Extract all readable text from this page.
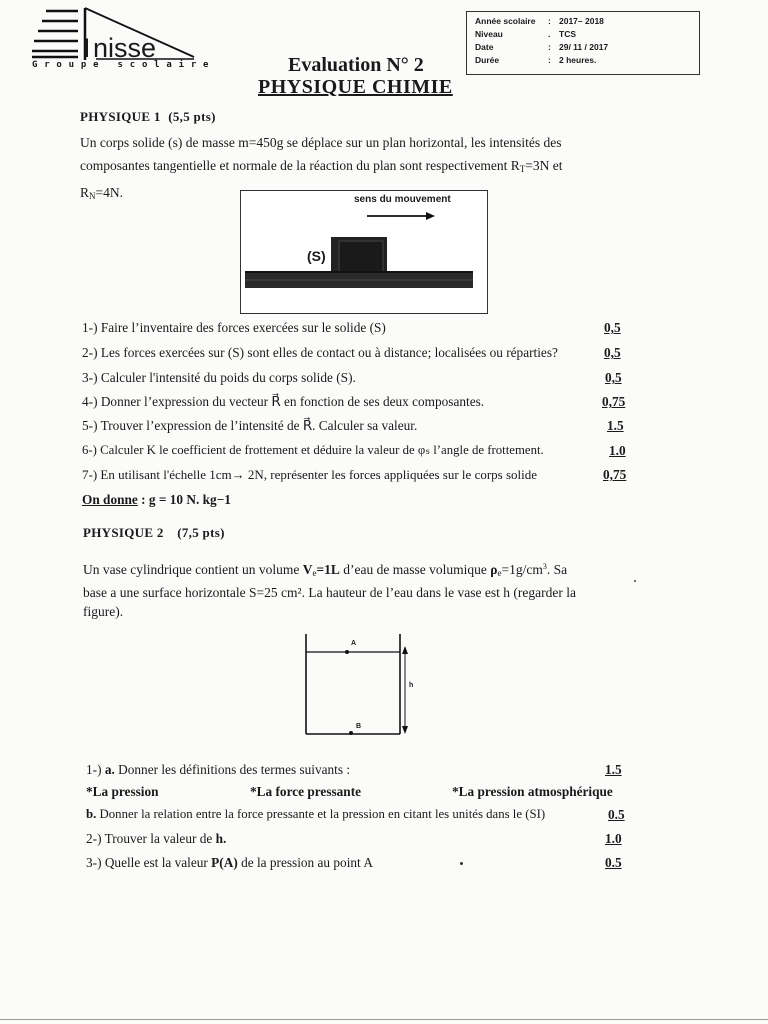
I nisse
Groupe scolaire
Année scolaire : 2017– 2018
Niveau	. TCS
Date	: 29/ 11 / 2017
Durée	: 2 heures.
Evaluation N° 2
PHYSIQUE CHIMIE
PHYSIQUE 1 (5,5 pts)
Un corps solide (s) de masse m=450g se déplace sur un plan horizontal, les intensités des
composantes tangentielle et normale de la réaction du plan sont respectivement $R_T=3N$ et
$R_N=4N$.	sens du mouvement
(S)
1-) Faire l’inventaire des forces exercées sur le solide (S)	0,5
2-) Les forces exercées sur (S) sont elles de contact ou à distance; localisées ou réparties?	0,5
3-) Calculer l'intensité du poids du corps solide (S).	0,5
4-) Donner l’expression du vecteur R⃗ en fonction de ses deux composantes.	0,75
5-) Trouver l’expression de l’intensité de R⃗. Calculer sa valeur.	1.5
6-) Calculer K le coefficient de frottement et déduire la valeur de φₛ l’angle de frottement.	1.0
7-) En utilisant l'échelle 1cm→ 2N, représenter les forces appliquées sur le corps solide	0,75
On donne : g = 10 N. kg−1
PHYSIQUE 2 (7,5 pts)
Un vase cylindrique contient un volume $V_e=1L$ d’eau de masse volumique $\rho_e=1g/cm^3$. Sa
base a une surface horizontale S=25 cm². La hauteur de l’eau dans le vase est h (regarder la
figure).
A
B
h
1-) a. Donner les définitions des termes suivants :	1.5
*La pression	*La force pressante	*La pression atmosphérique
b. Donner la relation entre la force pressante et la pression en citant les unités dans le (SI)	0.5
2-) Trouver la valeur de h.	1.0
3-) Quelle est la valeur P(A) de la pression au point A	0.5
